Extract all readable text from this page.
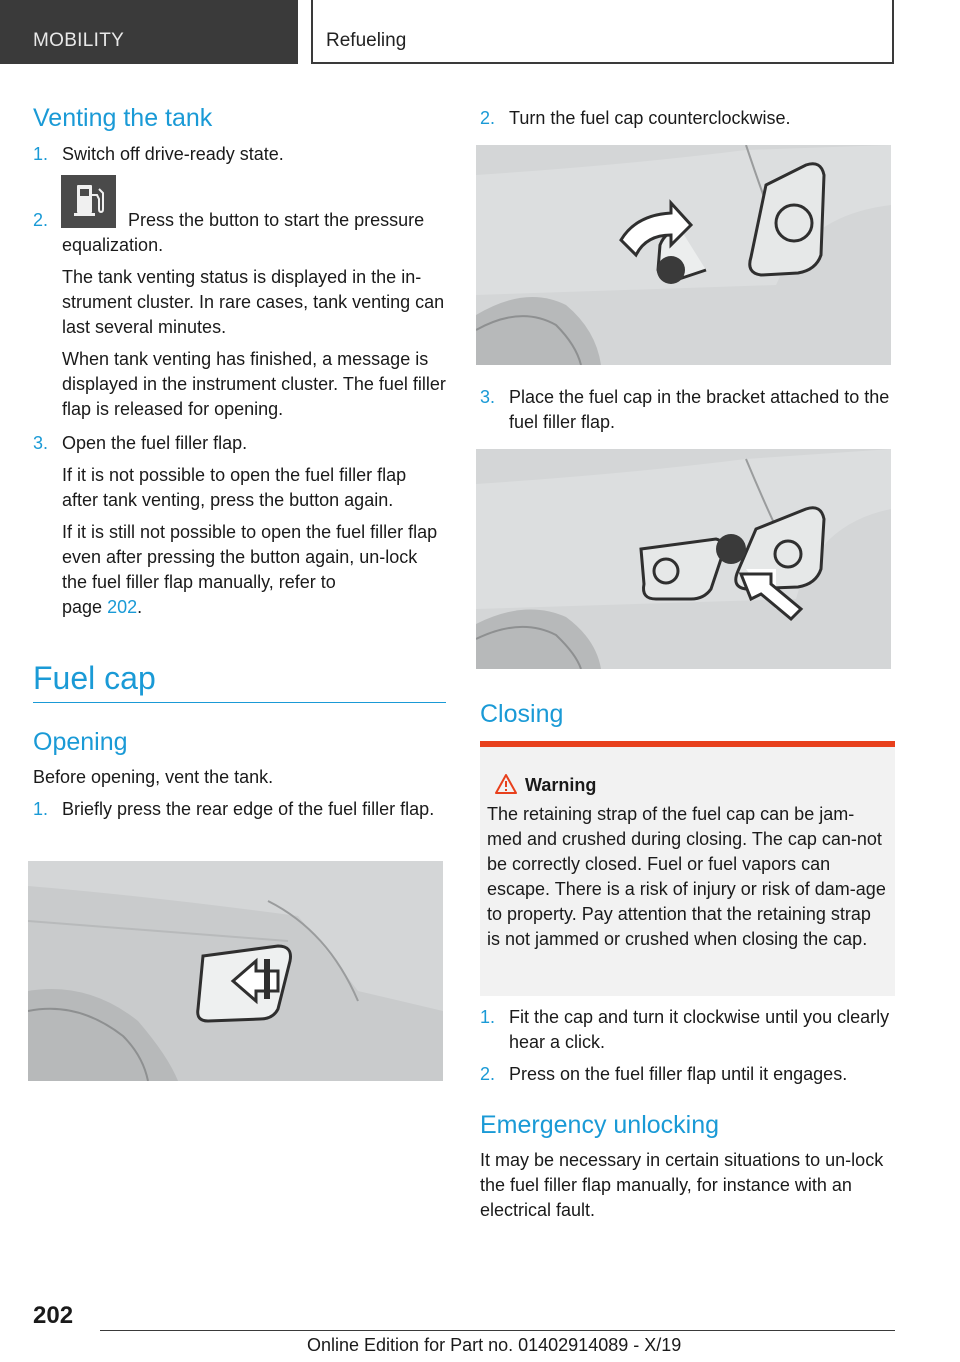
MOBILITY	Refueling
Venting the tank
1. Switch off drive-ready state.

2.	Press the button to start the pressure

equalization.

The tank venting status is displayed in the in-strument cluster. In rare cases, tank venting can last several minutes.

When tank venting has finished, a message is displayed in the instrument cluster. The fuel filler flap is released for opening.

3. Open the fuel filler flap.

If it is not possible to open the fuel filler flap after tank venting, press the button again.

If it is still not possible to open the fuel filler flap even after pressing the button again, un-lock the fuel filler flap manually, refer to

page 202.

Fuel cap
Opening

Before opening, vent the tank.

1. Briefly press the rear edge of the fuel filler flap.

2. Turn the fuel cap counterclockwise.

3. Place the fuel cap in the bracket attached to the fuel filler flap.

Closing
Warning

The retaining strap of the fuel cap can be jam-med and crushed during closing. The cap can-not be correctly closed. Fuel or fuel vapors can escape. There is a risk of injury or risk of dam-age to property. Pay attention that the retaining strap is not jammed or crushed when closing the cap.

1. Fit the cap and turn it clockwise until you clearly hear a click.

2. Press on the fuel filler flap until it engages.

Emergency unlocking

It may be necessary in certain situations to un-lock the fuel filler flap manually, for instance with an electrical fault.

202
Online Edition for Part no. 01402914089 - X/19
